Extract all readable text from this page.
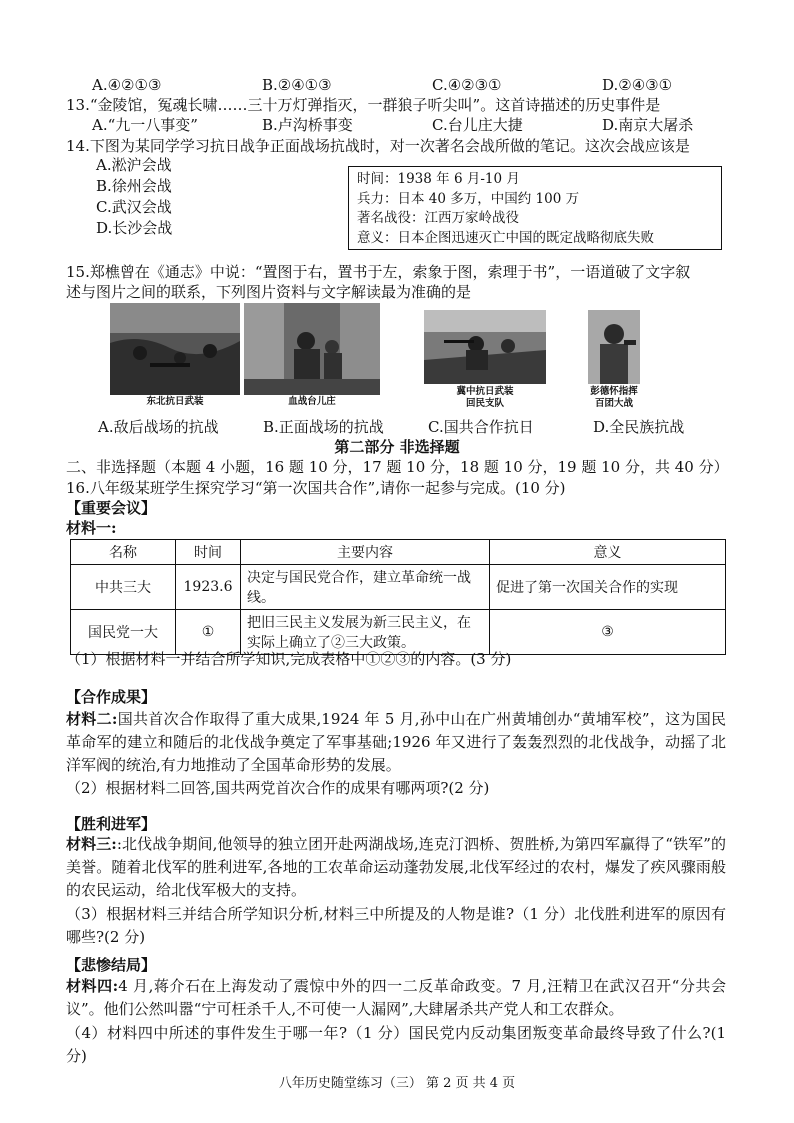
A.④②①③	B.②④①③	C.④②③①	D.②④③①
13.“金陵馆，冤魂长啸……三十万灯弹指灭，一群狼子听尖叫”。这首诗描述的历史事件是
A.“九一八事变”	B.卢沟桥事变	C.台儿庄大捷	D.南京大屠杀
14.下图为某同学学习抗日战争正面战场抗战时，对一次著名会战所做的笔记。这次会战应该是
A.淞沪会战
B.徐州会战
C.武汉会战
D.长沙会战
时间：1938 年 6 月-10 月
兵力：日本 40 多万，中国约 100 万
著名战役：江西万家岭战役
意义：日本企图迅速灭亡中国的既定战略彻底失败
15.郑樵曾在《通志》中说：“置图于右，置书于左，索象于图，索理于书”，一语道破了文字叙
述与图片之间的联系，下列图片资料与文字解读最为准确的是
东北抗日武装	血战台儿庄
冀中抗日武装
回民支队
彭德怀指挥
百团大战
A.敌后战场的抗战	B.正面战场的抗战	C.国共合作抗日	D.全民族抗战
第二部分 非选择题
二、非选择题（本题 4 小题，16 题 10 分，17 题 10 分，18 题 10 分，19 题 10 分，共 40 分）
16.八年级某班学生探究学习“第一次国共合作”,请你一起参与完成。(10 分)
【重要会议】
材料一:
名称	时间	主要内容	意义
中共三大	1923.6	决定与国民党合作，建立革命统一战线。	促进了第一次国关合作的实现
国民党一大	①	把旧三民主义发展为新三民主义，在实际上确立了②三大政策。	③
（1）根据材料一并结合所学知识,完成表格中①②③的内容。(3 分)
【合作成果】
材料二:国共首次合作取得了重大成果,1924 年 5 月,孙中山在广州黄埔创办“黄埔军校”，这为国民革命军的建立和随后的北伐战争奠定了军事基础;1926 年又进行了轰轰烈烈的北伐战争，动摇了北洋军阀的统治,有力地推动了全国革命形势的发展。
（2）根据材料二回答,国共两党首次合作的成果有哪两项?(2 分)
【胜利进军】
材料三::北伐战争期间,他领导的独立团开赴两湖战场,连克汀泗桥、贺胜桥,为第四军赢得了“铁军”的美誉。随着北伐军的胜利进军,各地的工农革命运动蓬勃发展,北伐军经过的农村，爆发了疾风骤雨般的农民运动，给北伐军极大的支持。
（3）根据材料三并结合所学知识分析,材料三中所提及的人物是谁?（1 分）北伐胜利进军的原因有哪些?(2 分)
【悲惨结局】
材料四:4 月,蒋介石在上海发动了震惊中外的四一二反革命政变。7 月,汪精卫在武汉召开“分共会议”。他们公然叫嚣“宁可枉杀千人,不可使一人漏网”,大肆屠杀共产党人和工农群众。
（4）材料四中所述的事件发生于哪一年?（1 分）国民党内反动集团叛变革命最终导致了什么?(1 分)
八年历史随堂练习（三） 第 2 页 共 4 页
